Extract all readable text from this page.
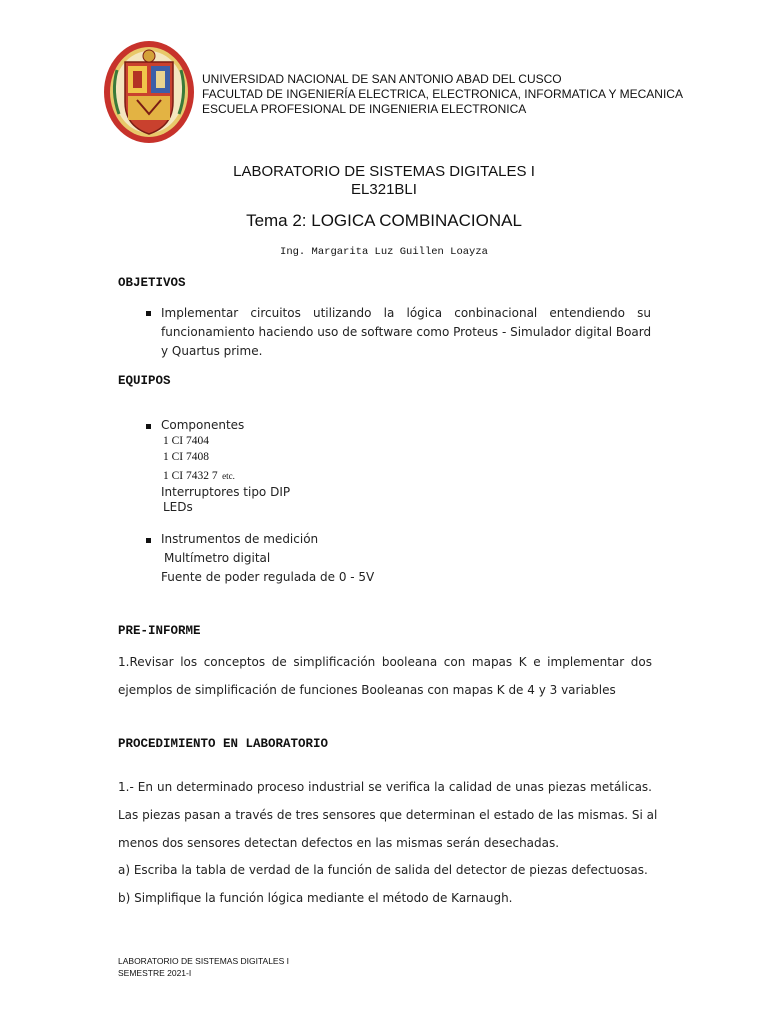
UNIVERSIDAD NACIONAL DE SAN ANTONIO ABAD DEL CUSCO
FACULTAD DE INGENIERÍA ELECTRICA, ELECTRONICA, INFORMATICA Y MECANICA
ESCUELA PROFESIONAL DE INGENIERIA ELECTRONICA
LABORATORIO DE SISTEMAS DIGITALES I
EL321BLI
Tema 2: LOGICA COMBINACIONAL
Ing. Margarita Luz Guillen Loayza
OBJETIVOS
Implementar circuitos utilizando la lógica conbinacional entendiendo su
funcionamiento haciendo uso de software como Proteus - Simulador digital Board
y Quartus prime.
EQUIPOS
Componentes
1 CI 7404
1 CI 7408
1 CI 7432 7 etc.
Interruptores tipo DIP
LEDs
Instrumentos de medición
Multímetro digital
Fuente de poder regulada de 0 - 5V
PRE-INFORME
1.Revisar los conceptos de simplificación booleana con mapas K e implementar dos
ejemplos de simplificación de funciones Booleanas con mapas K de 4 y 3 variables
PROCEDIMIENTO EN LABORATORIO
1.- En un determinado proceso industrial se verifica la calidad de unas piezas metálicas.
Las piezas pasan a través de tres sensores que determinan el estado de las mismas. Si al
menos dos sensores detectan defectos en las mismas serán desechadas.
a) Escriba la tabla de verdad de la función de salida del detector de piezas defectuosas.
b) Simplifique la función lógica mediante el método de Karnaugh.
LABORATORIO DE SISTEMAS DIGITALES I
SEMESTRE 2021-I
